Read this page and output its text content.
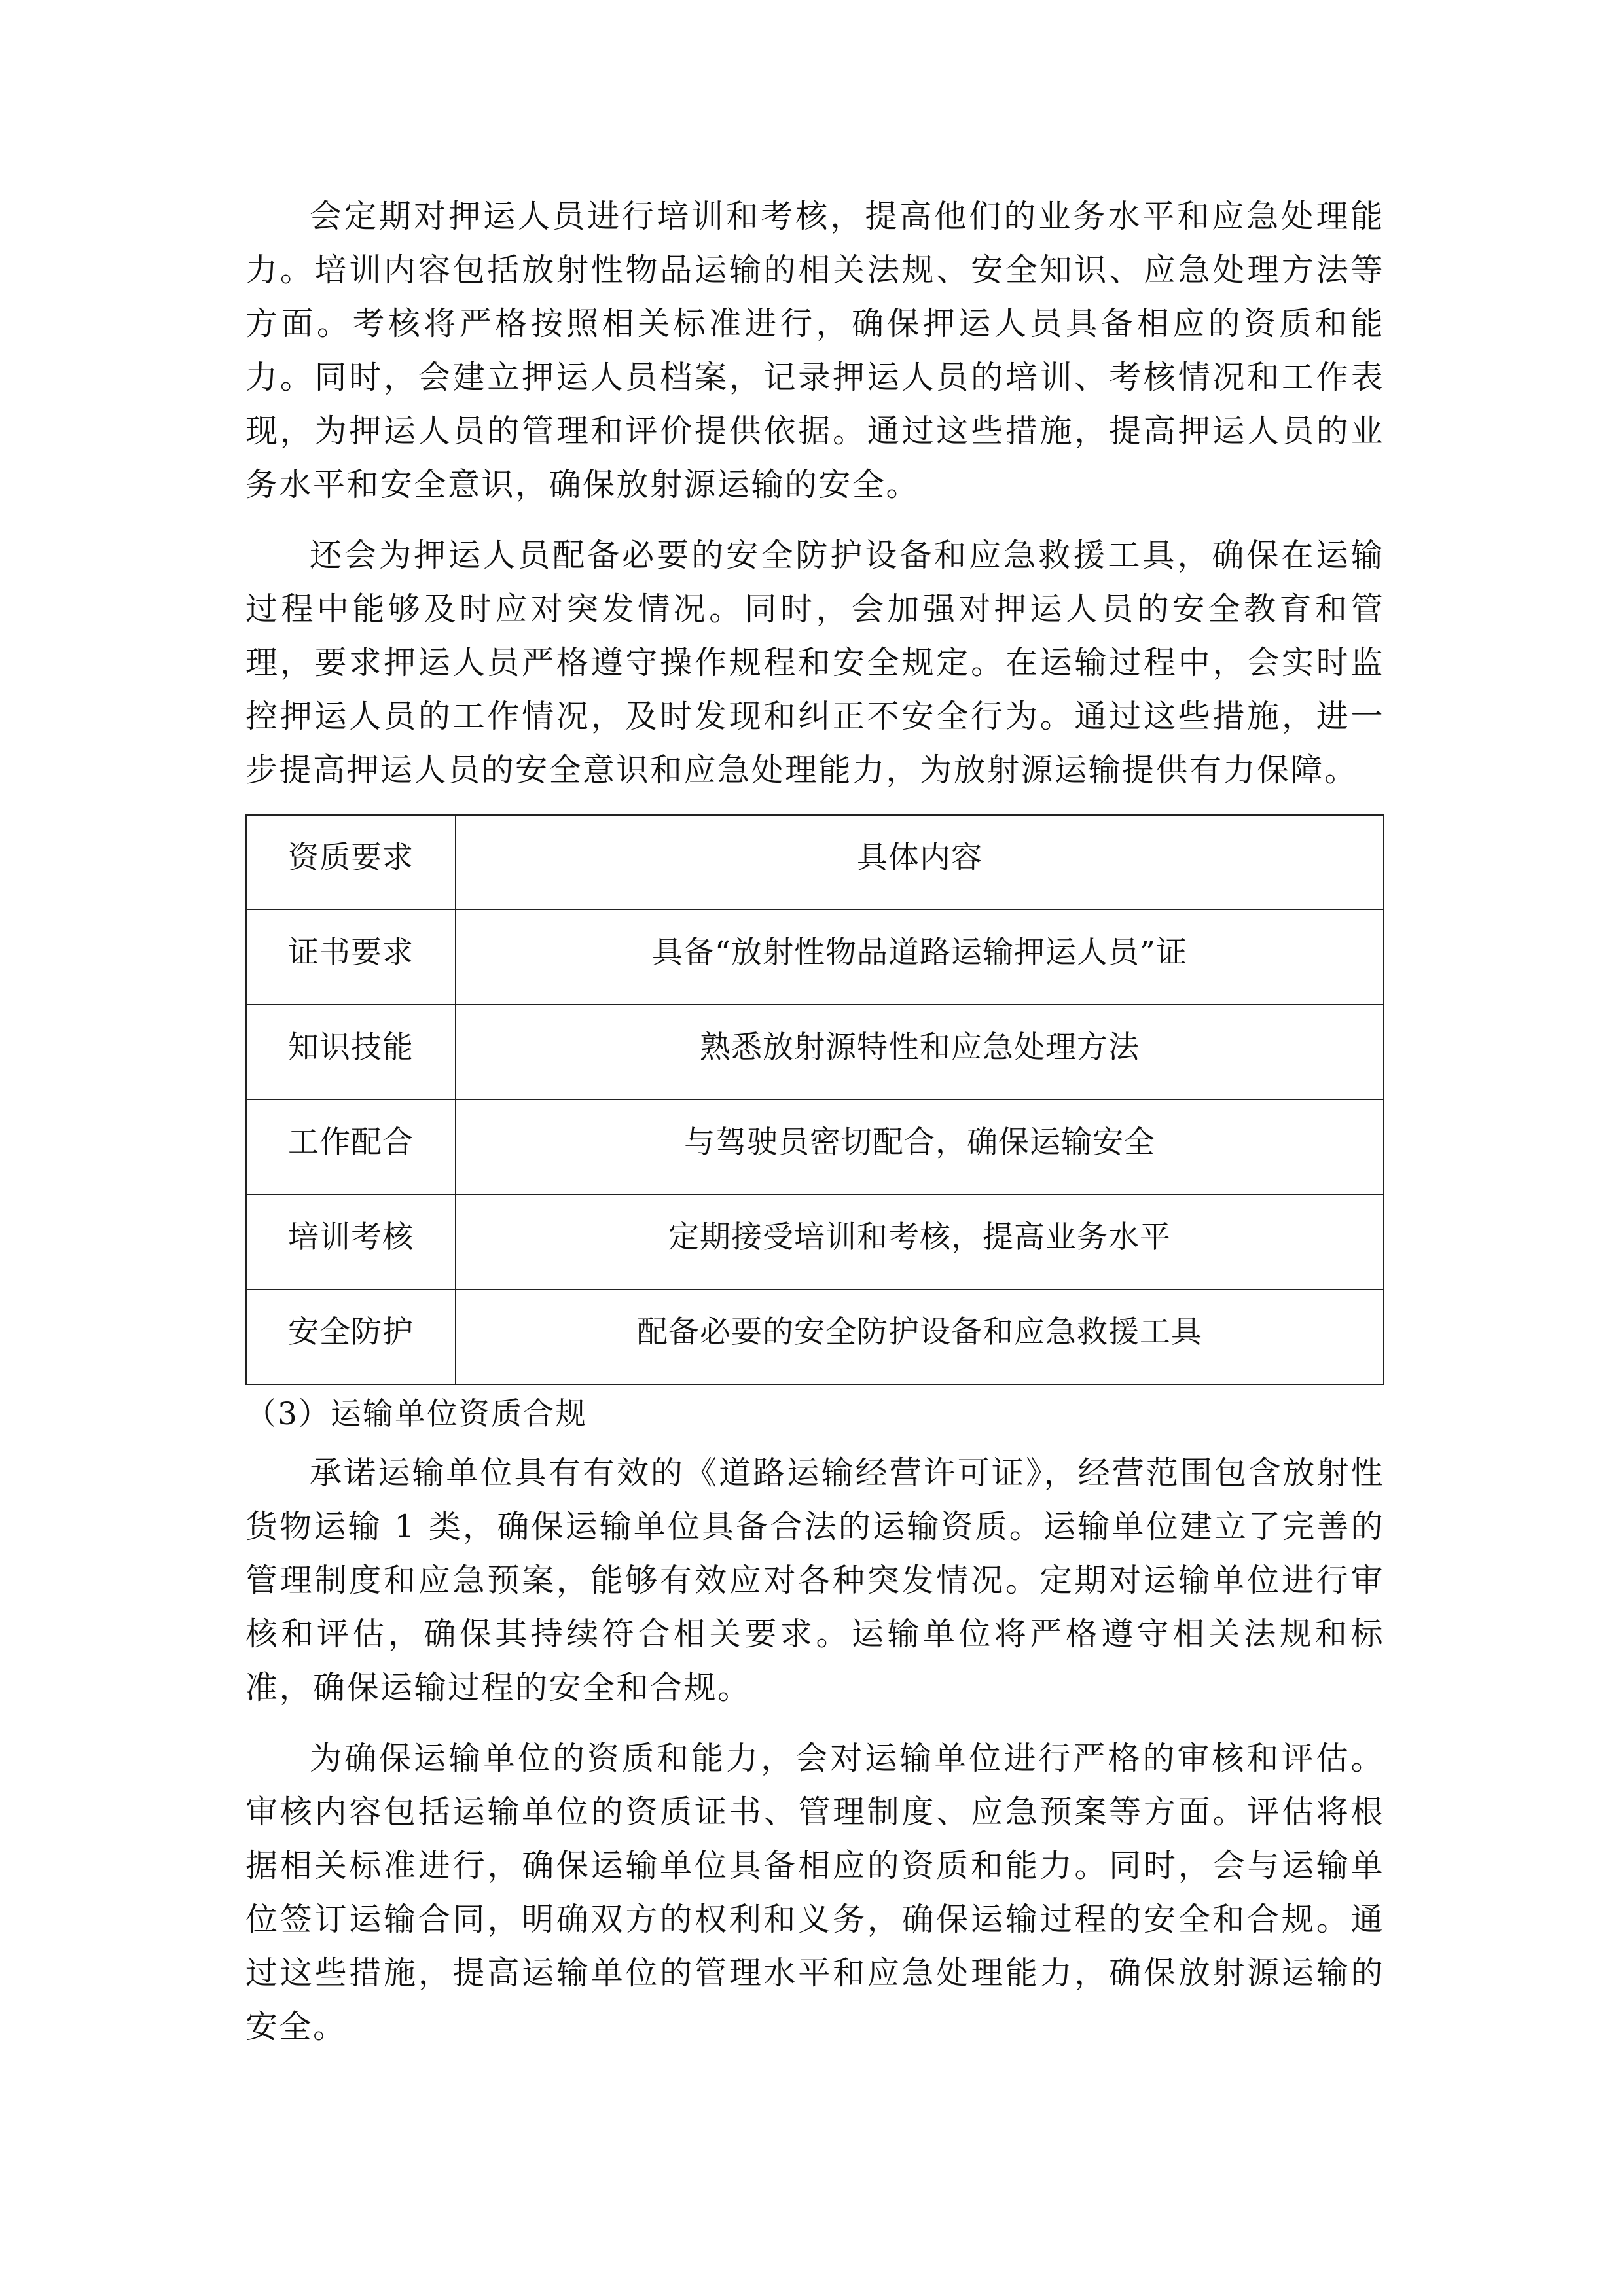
会定期对押运人员进行培训和考核，提高他们的业务水平和应急处理能力。培训内容包括放射性物品运输的相关法规、安全知识、应急处理方法等方面。考核将严格按照相关标准进行，确保押运人员具备相应的资质和能力。同时，会建立押运人员档案，记录押运人员的培训、考核情况和工作表现，为押运人员的管理和评价提供依据。通过这些措施，提高押运人员的业务水平和安全意识，确保放射源运输的安全。

还会为押运人员配备必要的安全防护设备和应急救援工具，确保在运输过程中能够及时应对突发情况。同时，会加强对押运人员的安全教育和管理，要求押运人员严格遵守操作规程和安全规定。在运输过程中，会实时监控押运人员的工作情况，及时发现和纠正不安全行为。通过这些措施，进一步提高押运人员的安全意识和应急处理能力，为放射源运输提供有力保障。

资质要求	具体内容
证书要求	具备“放射性物品道路运输押运人员”证
知识技能	熟悉放射源特性和应急处理方法
工作配合	与驾驶员密切配合，确保运输安全
培训考核	定期接受培训和考核，提高业务水平
安全防护	配备必要的安全防护设备和应急救援工具
（3）运输单位资质合规

承诺运输单位具有有效的《道路运输经营许可证》，经营范围包含放射性货物运输 1 类，确保运输单位具备合法的运输资质。运输单位建立了完善的管理制度和应急预案，能够有效应对各种突发情况。定期对运输单位进行审核和评估，确保其持续符合相关要求。运输单位将严格遵守相关法规和标准，确保运输过程的安全和合规。

为确保运输单位的资质和能力，会对运输单位进行严格的审核和评估。审核内容包括运输单位的资质证书、管理制度、应急预案等方面。评估将根据相关标准进行，确保运输单位具备相应的资质和能力。同时，会与运输单位签订运输合同，明确双方的权利和义务，确保运输过程的安全和合规。通过这些措施，提高运输单位的管理水平和应急处理能力，确保放射源运输的安全。
